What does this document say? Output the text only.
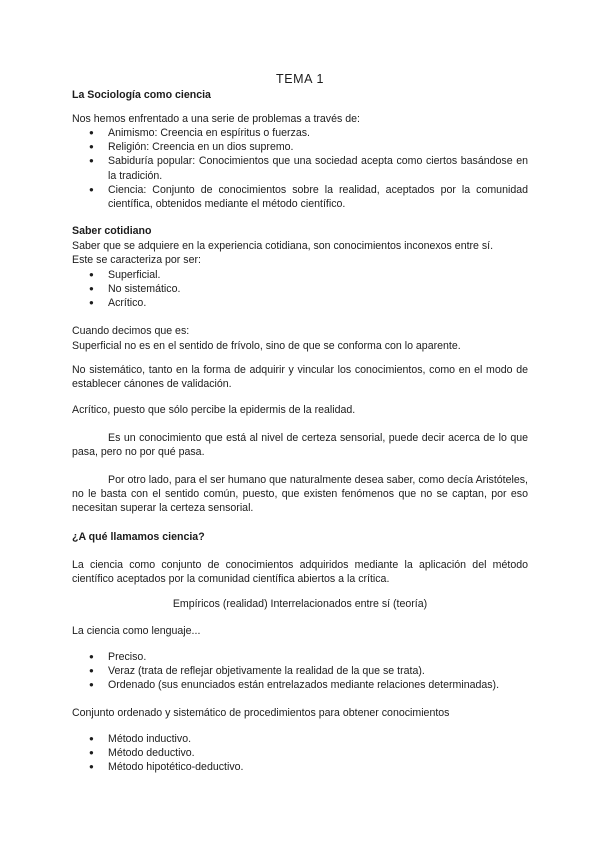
TEMA 1

La Sociología como ciencia

Nos hemos enfrentado a una serie de problemas a través de:

● Animismo: Creencia en espíritus o fuerzas.
● Religión: Creencia en un dios supremo.
● Sabiduría popular: Conocimientos que una sociedad acepta como ciertos basándose en la tradición.
● Ciencia: Conjunto de conocimientos sobre la realidad, aceptados por la comunidad científica, obtenidos mediante el método científico.

Saber cotidiano

Saber que se adquiere en la experiencia cotidiana, son conocimientos inconexos entre sí.

Este se caracteriza por ser:

● Superficial.
● No sistemático.
● Acrítico.

Cuando decimos que es:

Superficial no es en el sentido de frívolo, sino de que se conforma con lo aparente.

No sistemático, tanto en la forma de adquirir y vincular los conocimientos, como en el modo de establecer cánones de validación.

Acrítico, puesto que sólo percibe la epidermis de la realidad.

Es un conocimiento que está al nivel de certeza sensorial, puede decir acerca de lo que pasa, pero no por qué pasa.

Por otro lado, para el ser humano que naturalmente desea saber, como decía Aristóteles, no le basta con el sentido común, puesto, que existen fenómenos que no se captan, por eso necesitan superar la certeza sensorial.

¿A qué llamamos ciencia?

La ciencia como conjunto de conocimientos adquiridos mediante la aplicación del método científico aceptados por la comunidad científica abiertos a la crítica.

Empíricos (realidad) Interrelacionados entre sí (teoría)

La ciencia como lenguaje...

● Preciso.
● Veraz (trata de reflejar objetivamente la realidad de la que se trata).
● Ordenado (sus enunciados están entrelazados mediante relaciones determinadas).

Conjunto ordenado y sistemático de procedimientos para obtener conocimientos

● Método inductivo.
● Método deductivo.
● Método hipotético-deductivo.
